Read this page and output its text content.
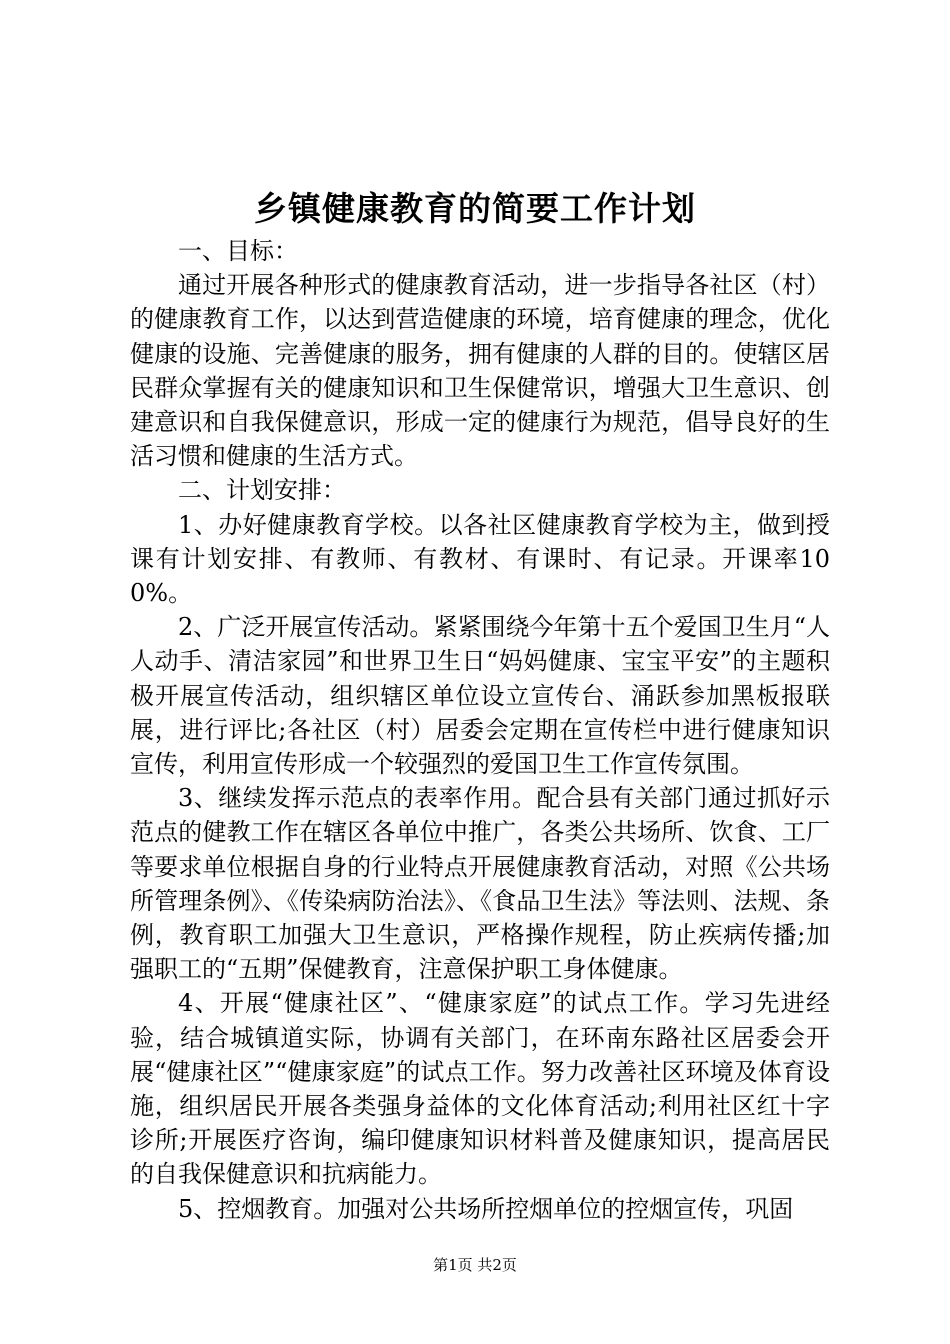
乡镇健康教育的简要工作计划

一、目标：

通过开展各种形式的健康教育活动，进一步指导各社区（村）的健康教育工作，以达到营造健康的环境，培育健康的理念，优化健康的设施、完善健康的服务，拥有健康的人群的目的。使辖区居民群众掌握有关的健康知识和卫生保健常识，增强大卫生意识、创建意识和自我保健意识，形成一定的健康行为规范，倡导良好的生活习惯和健康的生活方式。

二、计划安排：

1、办好健康教育学校。以各社区健康教育学校为主，做到授课有计划安排、有教师、有教材、有课时、有记录。开课率100%。

2、广泛开展宣传活动。紧紧围绕今年第十五个爱国卫生月“人人动手、清洁家园”和世界卫生日“妈妈健康、宝宝平安”的主题积极开展宣传活动，组织辖区单位设立宣传台、涌跃参加黑板报联展，进行评比;各社区（村）居委会定期在宣传栏中进行健康知识宣传，利用宣传形成一个较强烈的爱国卫生工作宣传氛围。

3、继续发挥示范点的表率作用。配合县有关部门通过抓好示范点的健教工作在辖区各单位中推广，各类公共场所、饮食、工厂等要求单位根据自身的行业特点开展健康教育活动，对照《公共场所管理条例》、《传染病防治法》、《食品卫生法》等法则、法规、条例，教育职工加强大卫生意识，严格操作规程，防止疾病传播;加强职工的“五期”保健教育，注意保护职工身体健康。

4、开展“健康社区”、“健康家庭”的试点工作。学习先进经验，结合城镇道实际，协调有关部门，在环南东路社区居委会开展“健康社区”“健康家庭”的试点工作。努力改善社区环境及体育设施，组织居民开展各类强身益体的文化体育活动;利用社区红十字诊所;开展医疗咨询，编印健康知识材料普及健康知识，提高居民的自我保健意识和抗病能力。

5、控烟教育。加强对公共场所控烟单位的控烟宣传，巩固

第1页 共2页
